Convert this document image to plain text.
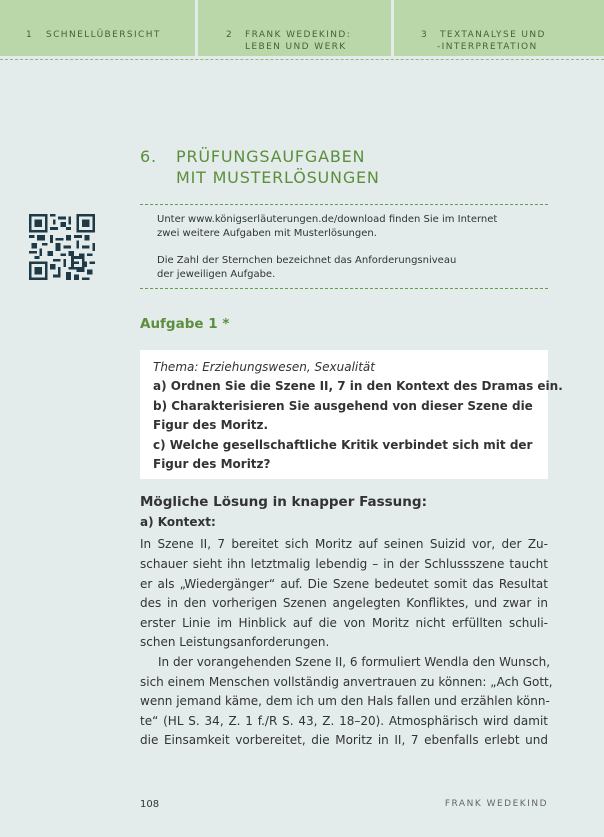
1 SCHNELLÜBERSICHT	2 FRANK WEDEKIND:
LEBEN UND WERK
3 TEXTANALYSE UND
-INTERPRETATION
6. PRÜFUNGSAUFGABEN
MIT MUSTERLÖSUNGEN
Unter www.königserläuterungen.de/download finden Sie im Internet
zwei weitere Aufgaben mit Musterlösungen.
Die Zahl der Sternchen bezeichnet das Anforderungsniveau
der jeweiligen Aufgabe.
Aufgabe 1 *
Thema: Erziehungswesen, Sexualität
a) Ordnen Sie die Szene II, 7 in den Kontext des Dramas ein.
b) Charakterisieren Sie ausgehend von dieser Szene die
Figur des Moritz.
c) Welche gesellschaftliche Kritik verbindet sich mit der
Figur des Moritz?
Mögliche Lösung in knapper Fassung:
a) Kontext:
In Szene II, 7 bereitet sich Moritz auf seinen Suizid vor, der Zu-
schauer sieht ihn letztmalig lebendig – in der Schlussszene taucht
er als „Wiedergänger“ auf. Die Szene bedeutet somit das Resultat
des in den vorherigen Szenen angelegten Konfliktes, und zwar in
erster Linie im Hinblick auf die von Moritz nicht erfüllten schuli-
schen Leistungsanforderungen.
In der vorangehenden Szene II, 6 formuliert Wendla den Wunsch,
sich einem Menschen vollständig anvertrauen zu können: „Ach Gott,
wenn jemand käme, dem ich um den Hals fallen und erzählen könn-
te“ (HL S. 34, Z. 1 f./R S. 43, Z. 18–20). Atmosphärisch wird damit
die Einsamkeit vorbereitet, die Moritz in II, 7 ebenfalls erlebt und
108	FRANK WEDEKIND
